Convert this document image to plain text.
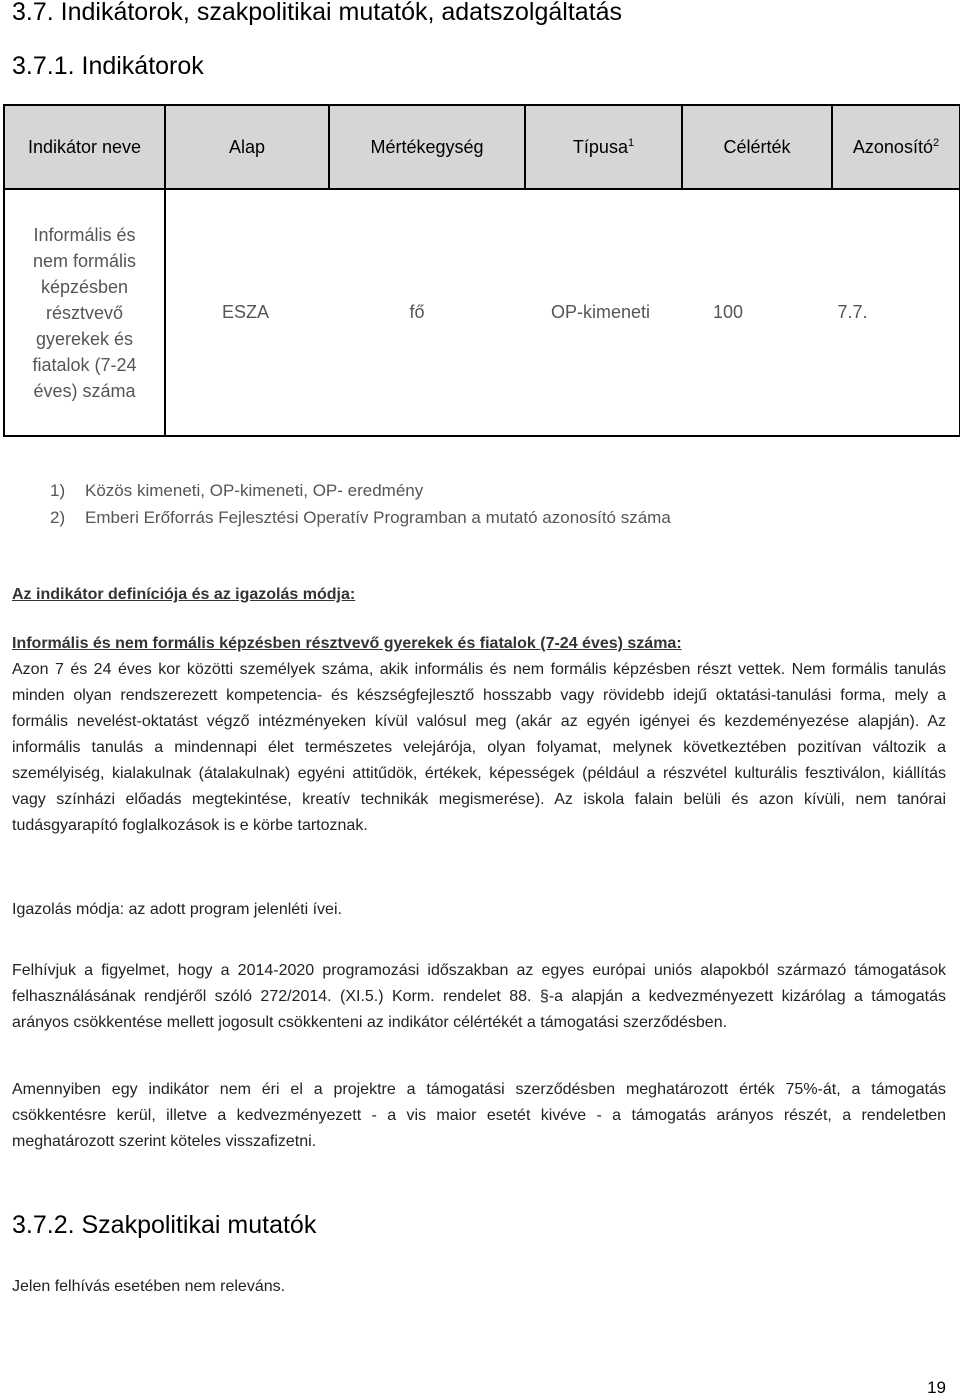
3.7. Indikátorok, szakpolitikai mutatók, adatszolgáltatás
3.7.1. Indikátorok
Indikátor neve	Alap	Mértékegység	Típusa$^1$	Célérték	Azonosító$^2$

Informális és nem formális képzésben résztvevő gyerekek és fiatalok (7-24 éves) száma	ESZA	fő	OP-kimeneti	100	7.7.
1) Közös kimeneti, OP-kimeneti, OP- eredmény
2) Emberi Erőforrás Fejlesztési Operatív Programban a mutató azonosító száma
Az indikátor definíciója és az igazolás módja:
Informális és nem formális képzésben résztvevő gyerekek és fiatalok (7-24 éves) száma:
Azon 7 és 24 éves kor közötti személyek száma, akik informális és nem formális képzésben részt vettek. Nem formális tanulás minden olyan rendszerezett kompetencia- és készségfejlesztő hosszabb vagy rövidebb idejű oktatási-tanulási forma, mely a formális nevelést-oktatást végző intézményeken kívül valósul meg (akár az egyén igényei és kezdeményezése alapján). Az informális tanulás a mindennapi élet természetes velejárója, olyan folyamat, melynek következtében pozitívan változik a személyiség, kialakulnak (átalakulnak) egyéni attitűdök, értékek, képességek (például a részvétel kulturális fesztiválon, kiállítás vagy színházi előadás megtekintése, kreatív technikák megismerése). Az iskola falain belüli és azon kívüli, nem tanórai tudásgyarapító foglalkozások is e körbe tartoznak.
Igazolás módja: az adott program jelenléti ívei.
Felhívjuk a figyelmet, hogy a 2014-2020 programozási időszakban az egyes európai uniós alapokból származó támogatások felhasználásának rendjéről szóló 272/2014. (XI.5.) Korm. rendelet 88. §-a alapján a kedvezményezett kizárólag a támogatás arányos csökkentése mellett jogosult csökkenteni az indikátor célértékét a támogatási szerződésben.
Amennyiben egy indikátor nem éri el a projektre a támogatási szerződésben meghatározott érték 75%-át, a támogatás csökkentésre kerül, illetve a kedvezményezett - a vis maior esetét kivéve - a támogatás arányos részét, a rendeletben meghatározott szerint köteles visszafizetni.
3.7.2. Szakpolitikai mutatók
Jelen felhívás esetében nem releváns.
19
